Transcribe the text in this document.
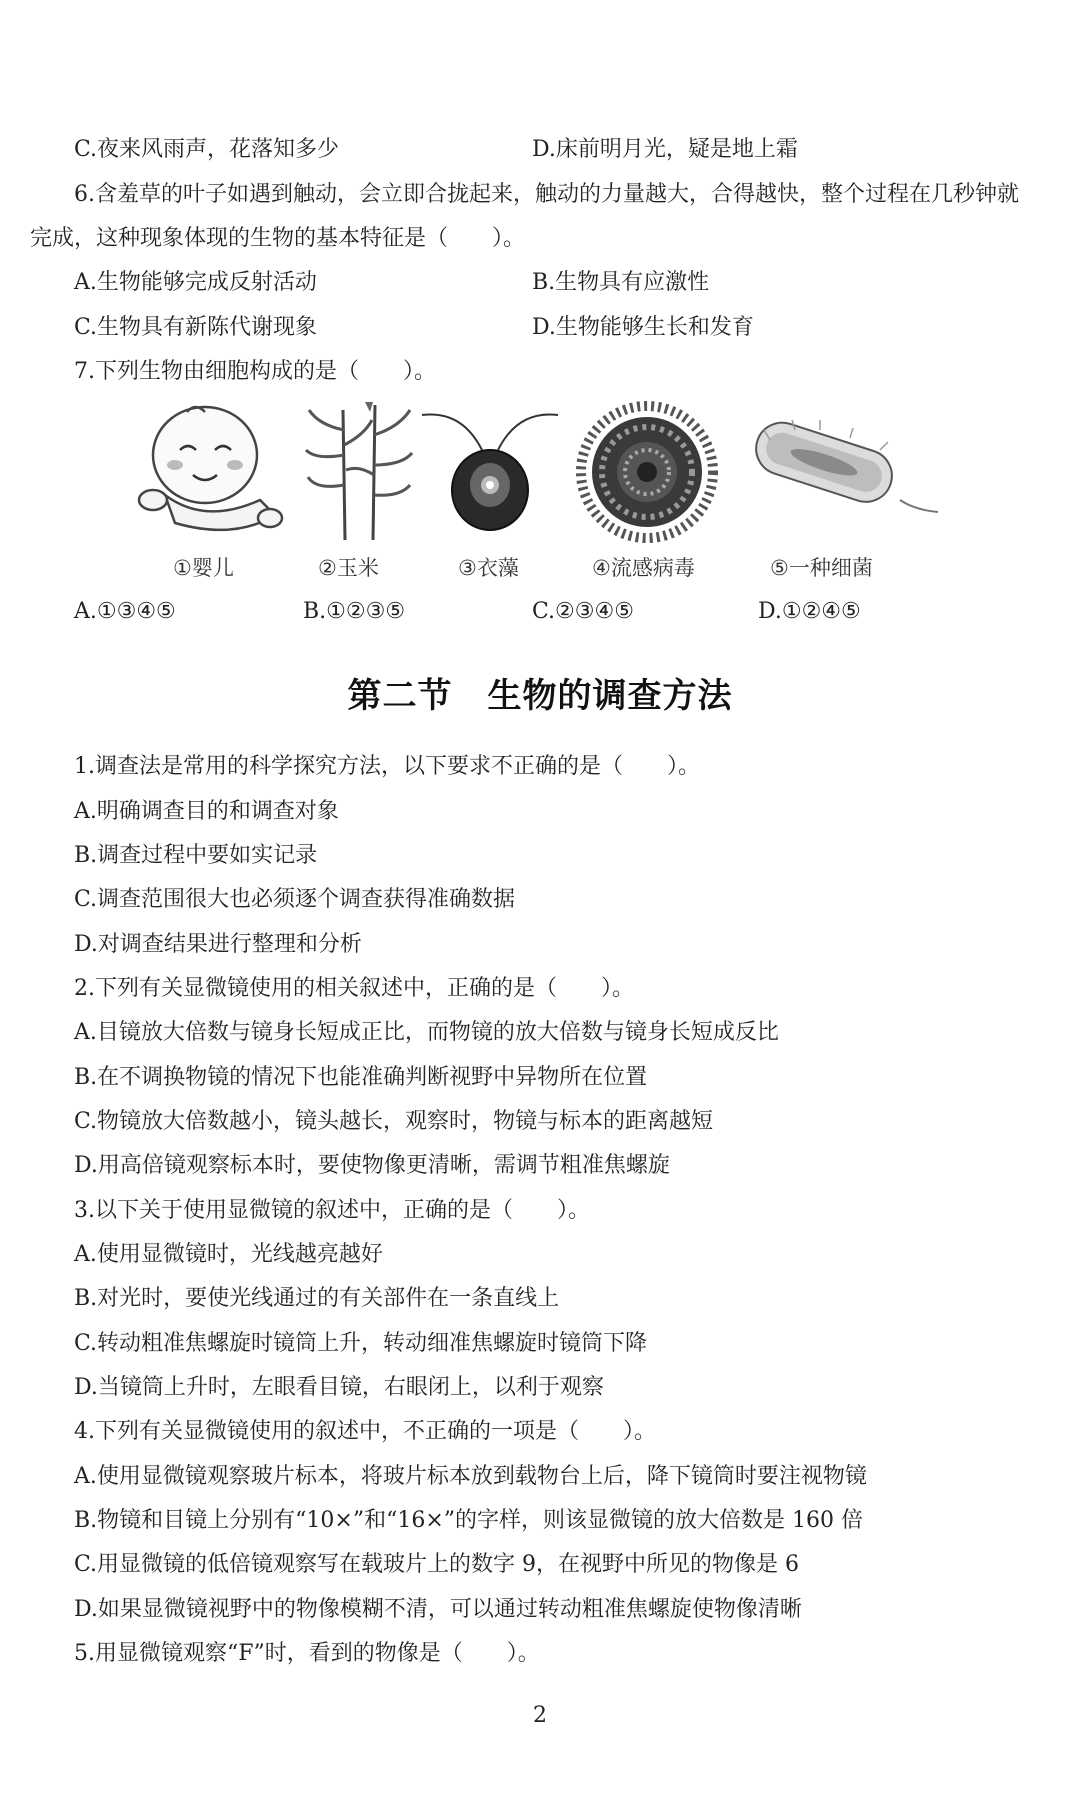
C.夜来风雨声，花落知多少	D.床前明月光，疑是地上霜
6.含羞草的叶子如遇到触动，会立即合拢起来，触动的力量越大，合得越快，整个过程在几秒钟就
完成，这种现象体现的生物的基本特征是（　　）。
A.生物能够完成反射活动	B.生物具有应激性
C.生物具有新陈代谢现象	D.生物能够生长和发育
7.下列生物由细胞构成的是（　　）。
①婴儿	②玉米	③衣藻	④流感病毒	⑤一种细菌
A.①③④⑤	B.①②③⑤	C.②③④⑤	D.①②④⑤
第二节　生物的调查方法
1.调查法是常用的科学探究方法，以下要求不正确的是（　　）。
A.明确调查目的和调查对象
B.调查过程中要如实记录
C.调查范围很大也必须逐个调查获得准确数据
D.对调查结果进行整理和分析
2.下列有关显微镜使用的相关叙述中，正确的是（　　）。
A.目镜放大倍数与镜身长短成正比，而物镜的放大倍数与镜身长短成反比
B.在不调换物镜的情况下也能准确判断视野中异物所在位置
C.物镜放大倍数越小，镜头越长，观察时，物镜与标本的距离越短
D.用高倍镜观察标本时，要使物像更清晰，需调节粗准焦螺旋
3.以下关于使用显微镜的叙述中，正确的是（　　）。
A.使用显微镜时，光线越亮越好
B.对光时，要使光线通过的有关部件在一条直线上
C.转动粗准焦螺旋时镜筒上升，转动细准焦螺旋时镜筒下降
D.当镜筒上升时，左眼看目镜，右眼闭上，以利于观察
4.下列有关显微镜使用的叙述中，不正确的一项是（　　）。
A.使用显微镜观察玻片标本，将玻片标本放到载物台上后，降下镜筒时要注视物镜
B.物镜和目镜上分别有“10×”和“16×”的字样，则该显微镜的放大倍数是 160 倍
C.用显微镜的低倍镜观察写在载玻片上的数字 9，在视野中所见的物像是 6
D.如果显微镜视野中的物像模糊不清，可以通过转动粗准焦螺旋使物像清晰
5.用显微镜观察“F”时，看到的物像是（　　）。
2
